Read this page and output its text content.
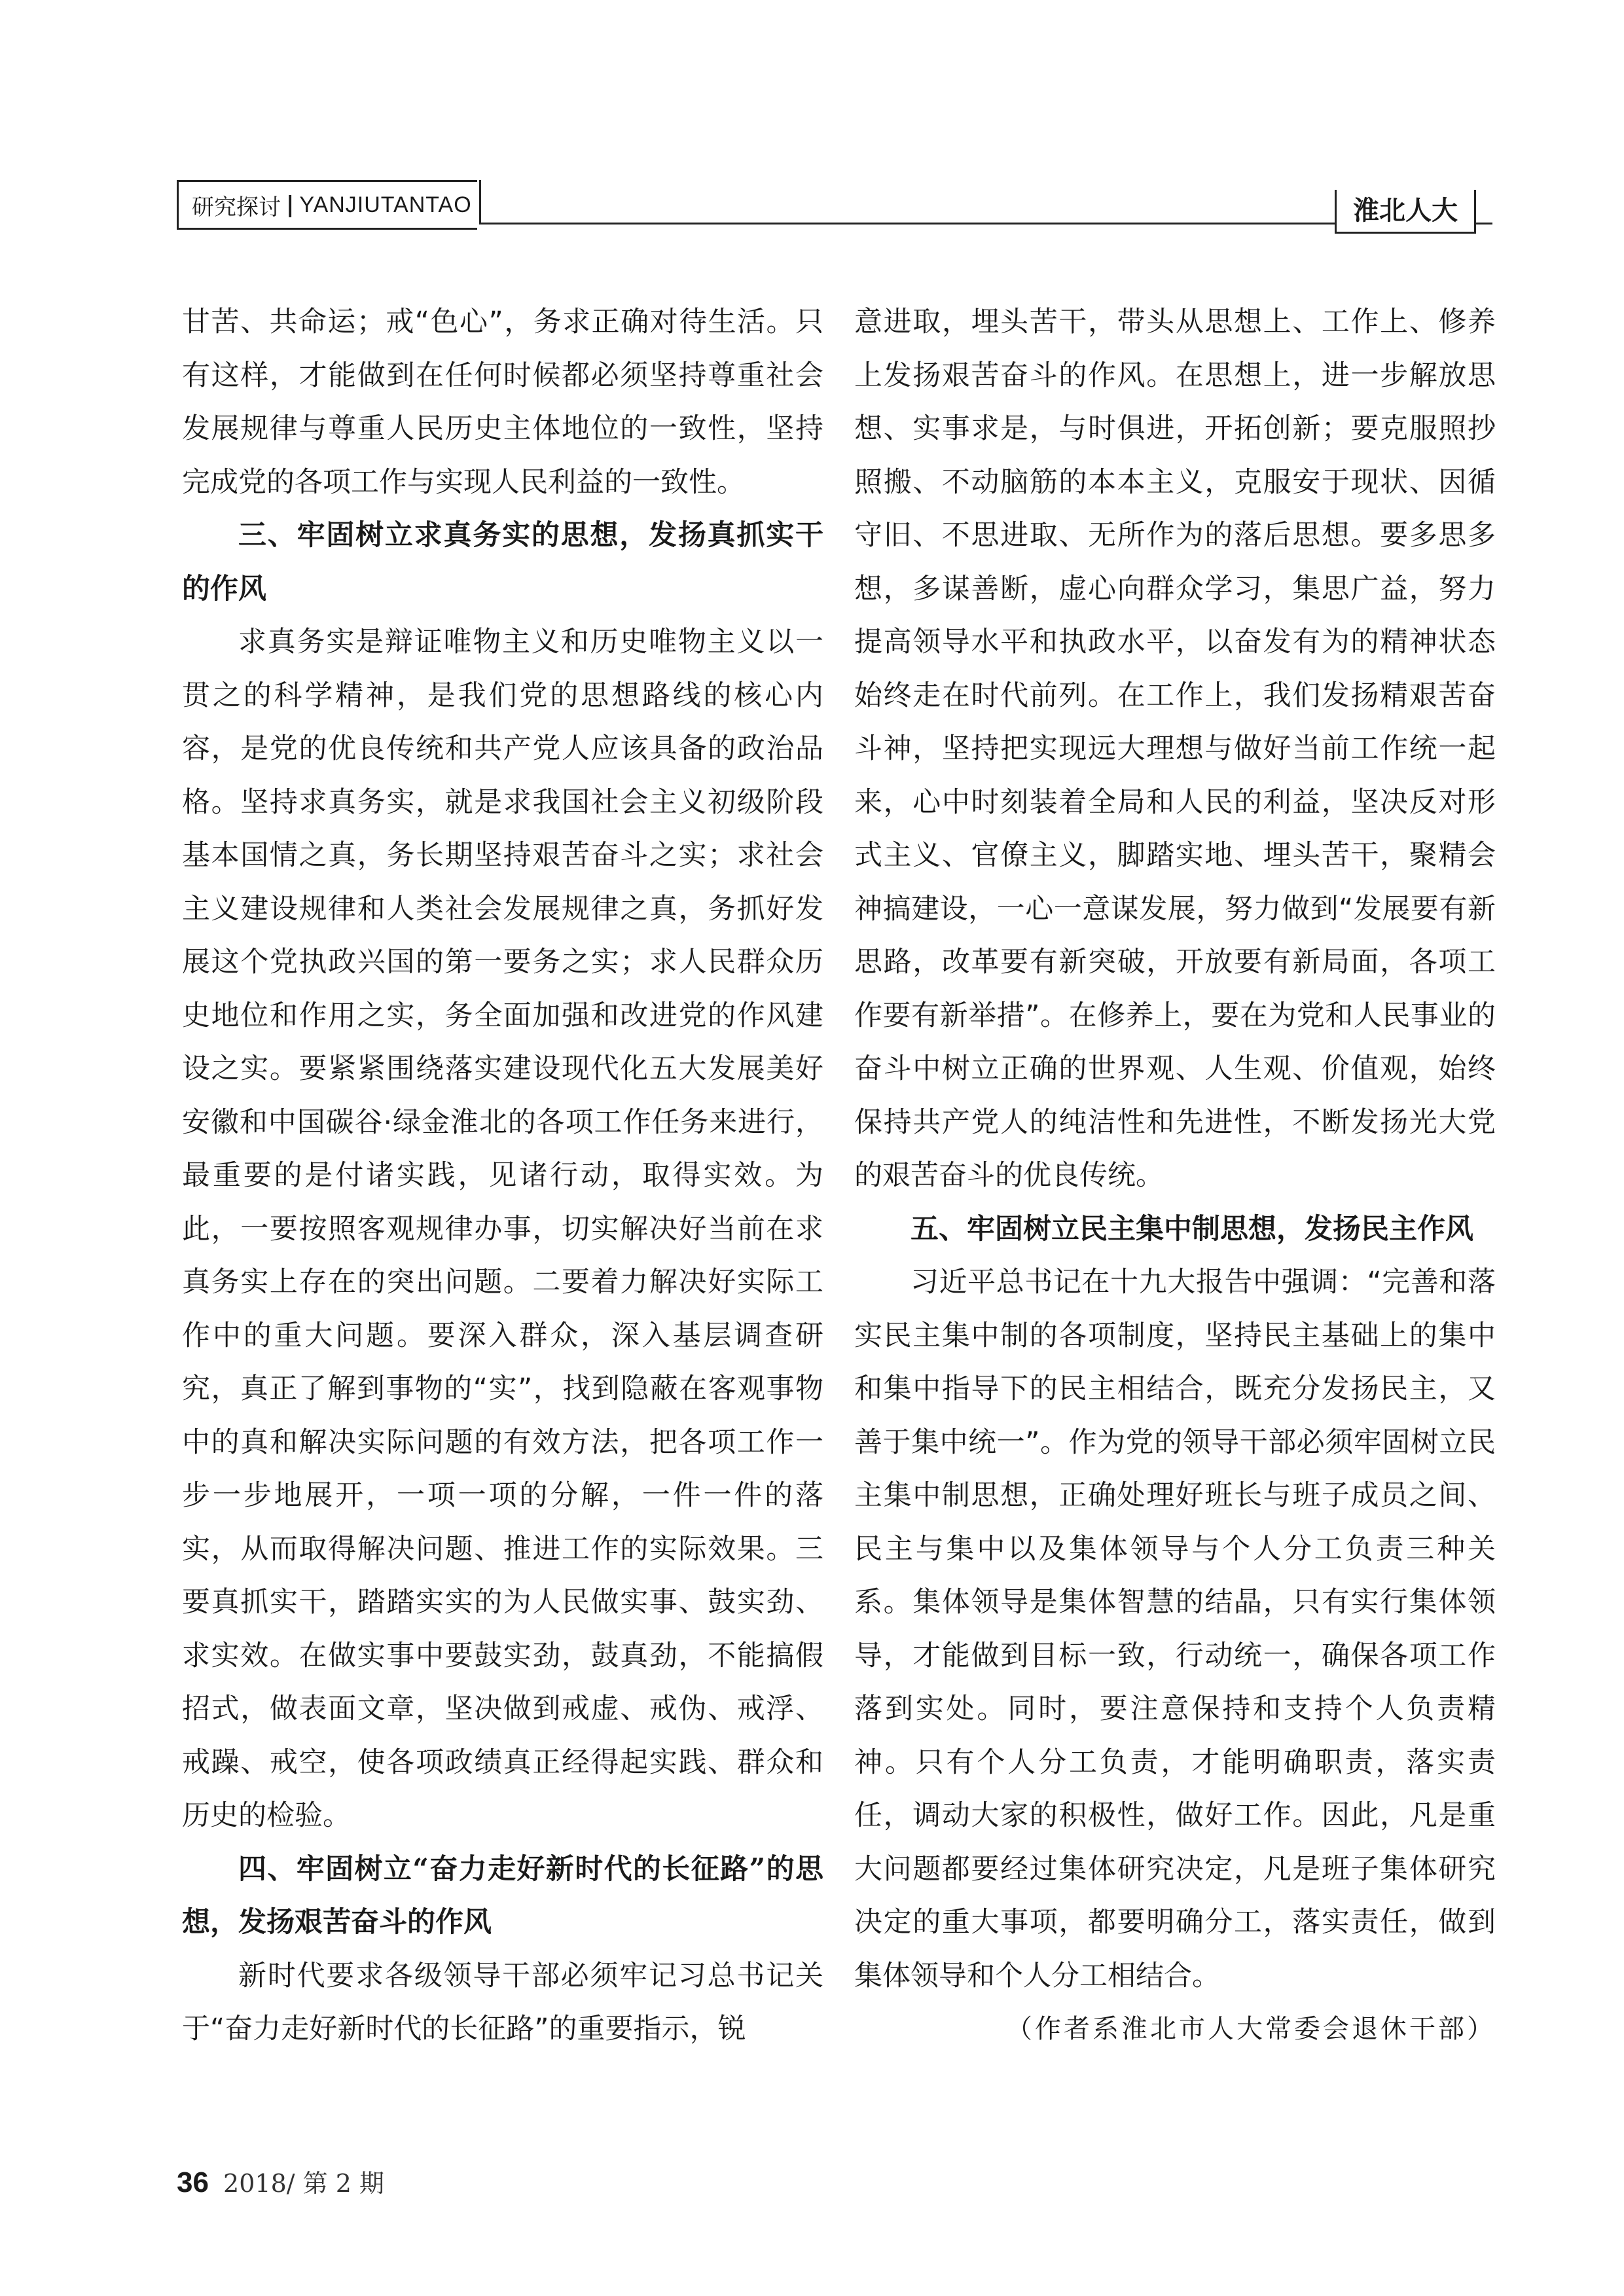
研究探讨 | YANJIUTANTAO	淮北人大

甘苦、共命运；戒“色心”，务求正确对待生活。只有这样，才能做到在任何时候都必须坚持尊重社会发展规律与尊重人民历史主体地位的一致性，坚持完成党的各项工作与实现人民利益的一致性。

三、牢固树立求真务实的思想，发扬真抓实干的作风

求真务实是辩证唯物主义和历史唯物主义以一贯之的科学精神，是我们党的思想路线的核心内容，是党的优良传统和共产党人应该具备的政治品格。坚持求真务实，就是求我国社会主义初级阶段基本国情之真，务长期坚持艰苦奋斗之实；求社会主义建设规律和人类社会发展规律之真，务抓好发展这个党执政兴国的第一要务之实；求人民群众历史地位和作用之实，务全面加强和改进党的作风建设之实。要紧紧围绕落实建设现代化五大发展美好安徽和中国碳谷·绿金淮北的各项工作任务来进行，最重要的是付诸实践，见诸行动，取得实效。为此，一要按照客观规律办事，切实解决好当前在求真务实上存在的突出问题。二要着力解决好实际工作中的重大问题。要深入群众，深入基层调查研究，真正了解到事物的“实”，找到隐蔽在客观事物中的真和解决实际问题的有效方法，把各项工作一步一步地展开，一项一项的分解，一件一件的落实，从而取得解决问题、推进工作的实际效果。三要真抓实干，踏踏实实的为人民做实事、鼓实劲、求实效。在做实事中要鼓实劲，鼓真劲，不能搞假招式，做表面文章，坚决做到戒虚、戒伪、戒浮、戒躁、戒空，使各项政绩真正经得起实践、群众和历史的检验。

四、牢固树立“奋力走好新时代的长征路”的思想，发扬艰苦奋斗的作风

新时代要求各级领导干部必须牢记习总书记关于“奋力走好新时代的长征路”的重要指示，锐

意进取，埋头苦干，带头从思想上、工作上、修养上发扬艰苦奋斗的作风。在思想上，进一步解放思想、实事求是，与时俱进，开拓创新；要克服照抄照搬、不动脑筋的本本主义，克服安于现状、因循守旧、不思进取、无所作为的落后思想。要多思多想，多谋善断，虚心向群众学习，集思广益，努力提高领导水平和执政水平，以奋发有为的精神状态始终走在时代前列。在工作上，我们发扬精艰苦奋斗神，坚持把实现远大理想与做好当前工作统一起来，心中时刻装着全局和人民的利益，坚决反对形式主义、官僚主义，脚踏实地、埋头苦干，聚精会神搞建设，一心一意谋发展，努力做到“发展要有新思路，改革要有新突破，开放要有新局面，各项工作要有新举措”。在修养上，要在为党和人民事业的奋斗中树立正确的世界观、人生观、价值观，始终保持共产党人的纯洁性和先进性，不断发扬光大党的艰苦奋斗的优良传统。

五、牢固树立民主集中制思想，发扬民主作风

习近平总书记在十九大报告中强调：“完善和落实民主集中制的各项制度，坚持民主基础上的集中和集中指导下的民主相结合，既充分发扬民主，又善于集中统一”。作为党的领导干部必须牢固树立民主集中制思想，正确处理好班长与班子成员之间、民主与集中以及集体领导与个人分工负责三种关系。集体领导是集体智慧的结晶，只有实行集体领导，才能做到目标一致，行动统一，确保各项工作落到实处。同时，要注意保持和支持个人负责精神。只有个人分工负责，才能明确职责，落实责任，调动大家的积极性，做好工作。因此，凡是重大问题都要经过集体研究决定，凡是班子集体研究决定的重大事项，都要明确分工，落实责任，做到集体领导和个人分工相结合。

（作者系淮北市人大常委会退休干部）

36 2018/ 第 2 期
